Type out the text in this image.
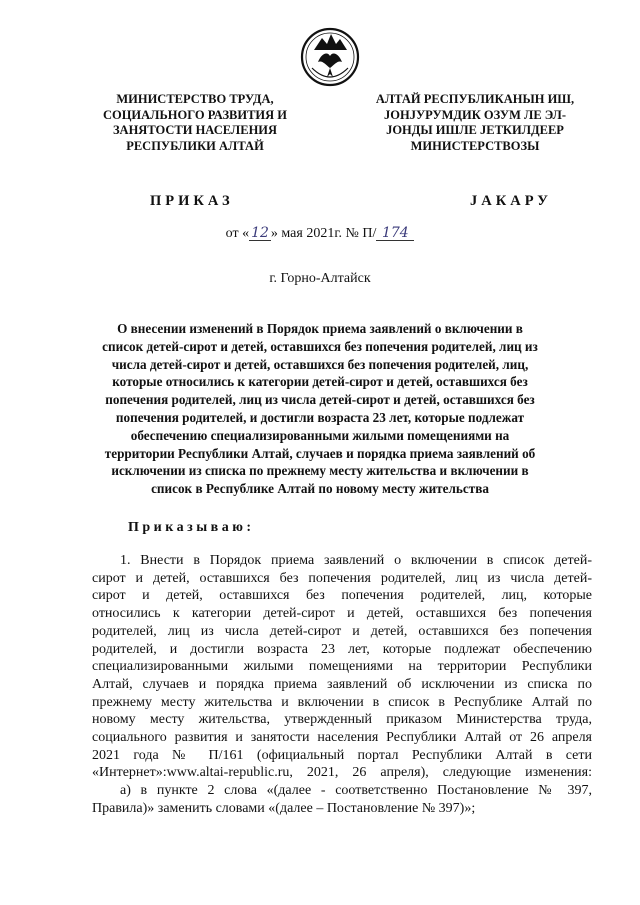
МИНИСТЕРСТВО ТРУДА,
СОЦИАЛЬНОГО РАЗВИТИЯ И
ЗАНЯТОСТИ НАСЕЛЕНИЯ
РЕСПУБЛИКИ АЛТАЙ
АЛТАЙ РЕСПУБЛИКАНЫН ИШ,
ЈОНЈУРУМДИК ОЗУМ ЛЕ ЭЛ-
ЈОНДЫ ИШЛЕ ЈЕТКИЛДЕЕР
МИНИСТЕРСТВОЗЫ
ПРИКАЗ	ЈАКАРУ
от « 12 » мая 2021г. № П/ 174
г. Горно-Алтайск
О внесении изменений в Порядок приема заявлений о включении в
список детей-сирот и детей, оставшихся без попечения родителей, лиц из
числа детей-сирот и детей, оставшихся без попечения родителей, лиц,
которые относились к категории детей-сирот и детей, оставшихся без
попечения родителей, лиц из числа детей-сирот и детей, оставшихся без
попечения родителей, и достигли возраста 23 лет, которые подлежат
обеспечению специализированными жилыми помещениями на
территории Республики Алтай, случаев и порядка приема заявлений об
исключении из списка по прежнему месту жительства и включении в
список в Республике Алтай по новому месту жительства
Приказываю:
1. Внести в Порядок приема заявлений о включении в список детей-
сирот и детей, оставшихся без попечения родителей, лиц из числа детей-
сирот и детей, оставшихся без попечения родителей, лиц, которые
относились к категории детей-сирот и детей, оставшихся без попечения
родителей, лиц из числа детей-сирот и детей, оставшихся без попечения
родителей, и достигли возраста 23 лет, которые подлежат обеспечению
специализированными жилыми помещениями на территории Республики
Алтай, случаев и порядка приема заявлений об исключении из списка по
прежнему месту жительства и включении в список в Республике Алтай по
новому месту жительства, утвержденный приказом Министерства труда,
социального развития и занятости населения Республики Алтай от 26 апреля
2021 года № П/161 (официальный портал Республики Алтай в сети
«Интернет»:www.altai-republic.ru, 2021, 26 апреля), следующие изменения:
а) в пункте 2 слова «(далее - соответственно Постановление № 397,
Правила)» заменить словами «(далее – Постановление № 397)»;
